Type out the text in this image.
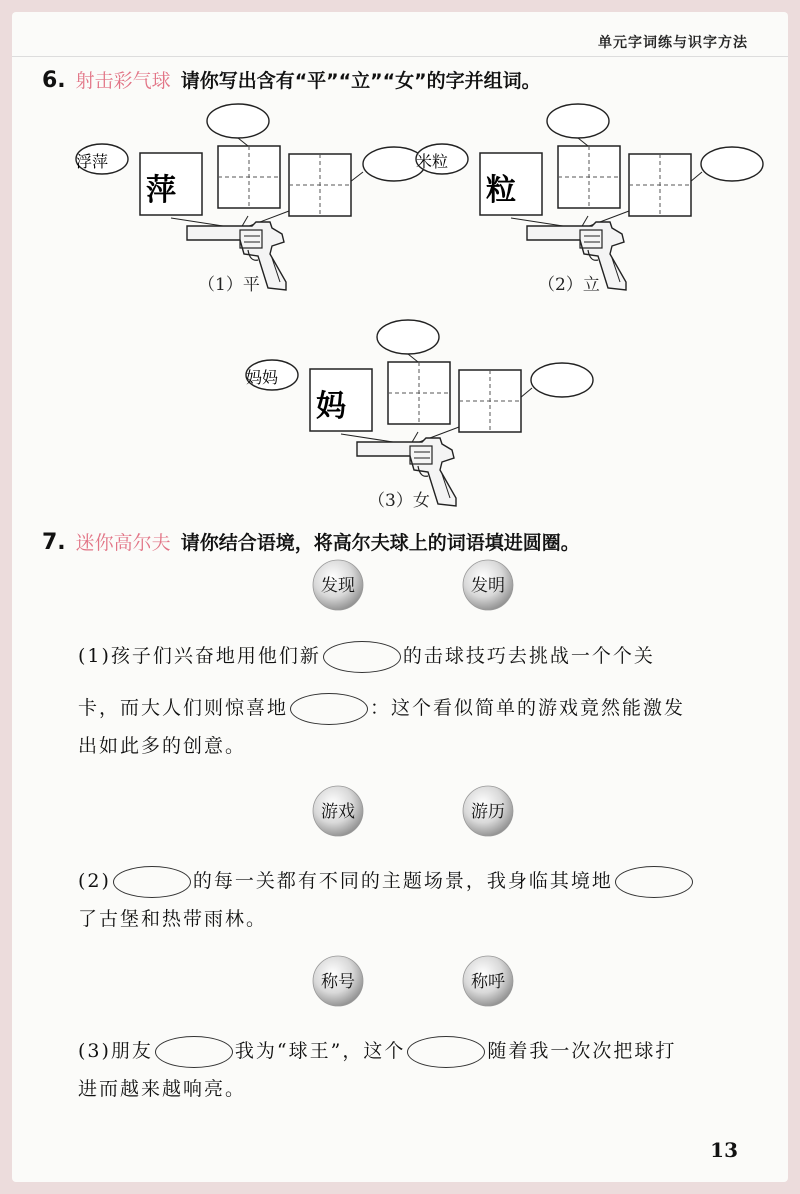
单元字词练与识字方法
6. 射击彩气球 请你写出含有“平”“立”“女”的字并组词。
发现	发明
游戏	游历
称号	称呼
浮萍
萍
（1）平
米粒
粒
（2）立
妈妈
妈
（3）女
7. 迷你高尔夫 请你结合语境，将高尔夫球上的词语填进圆圈。
(1)孩子们兴奋地用他们新	的击球技巧去挑战一个个关
卡，而大人们则惊喜地	：这个看似简单的游戏竟然能激发
出如此多的创意。
(2)	的每一关都有不同的主题场景，我身临其境地
了古堡和热带雨林。
(3)朋友	我为“球王”，这个	随着我一次次把球打
进而越来越响亮。
13
